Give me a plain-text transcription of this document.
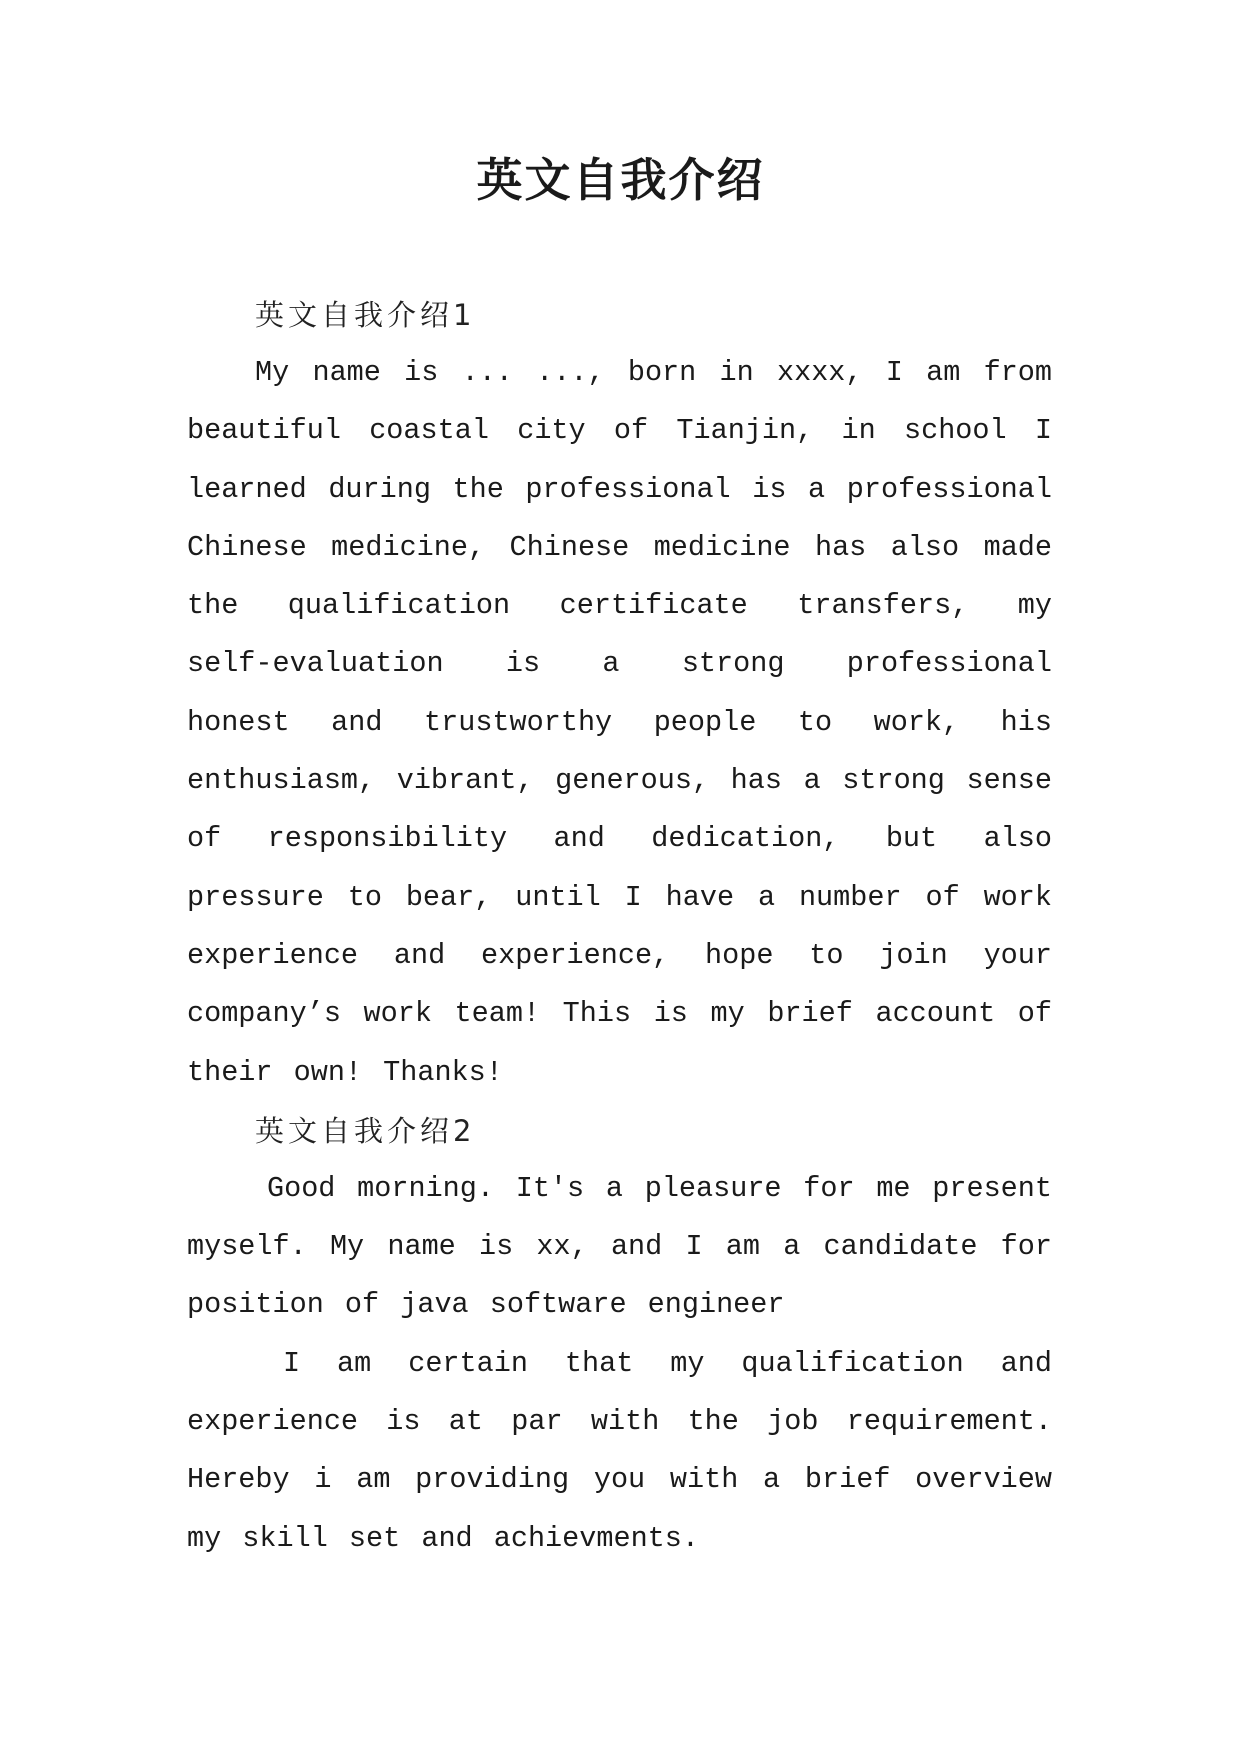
英文自我介绍
英文自我介绍1

My name is ... ..., born in xxxx, I am from
beautiful coastal city of Tianjin, in school I
learned during the professional is a professional
Chinese medicine, Chinese medicine has also made
the qualification certificate transfers, my
self-evaluation is a strong professional
honest and trustworthy people to work, his
enthusiasm, vibrant, generous, has a strong sense
of responsibility and dedication, but also
pressure to bear, until I have a number of work
experience and experience, hope to join your
company’s work team! This is my brief account of
their own! Thanks!

英文自我介绍2

Good morning. It's a pleasure for me present
myself. My name is xx, and I am a candidate for
position of java software engineer

I am certain that my qualification and
experience is at par with the job requirement.
Hereby i am providing you with a brief overview
my skill set and achievments.
